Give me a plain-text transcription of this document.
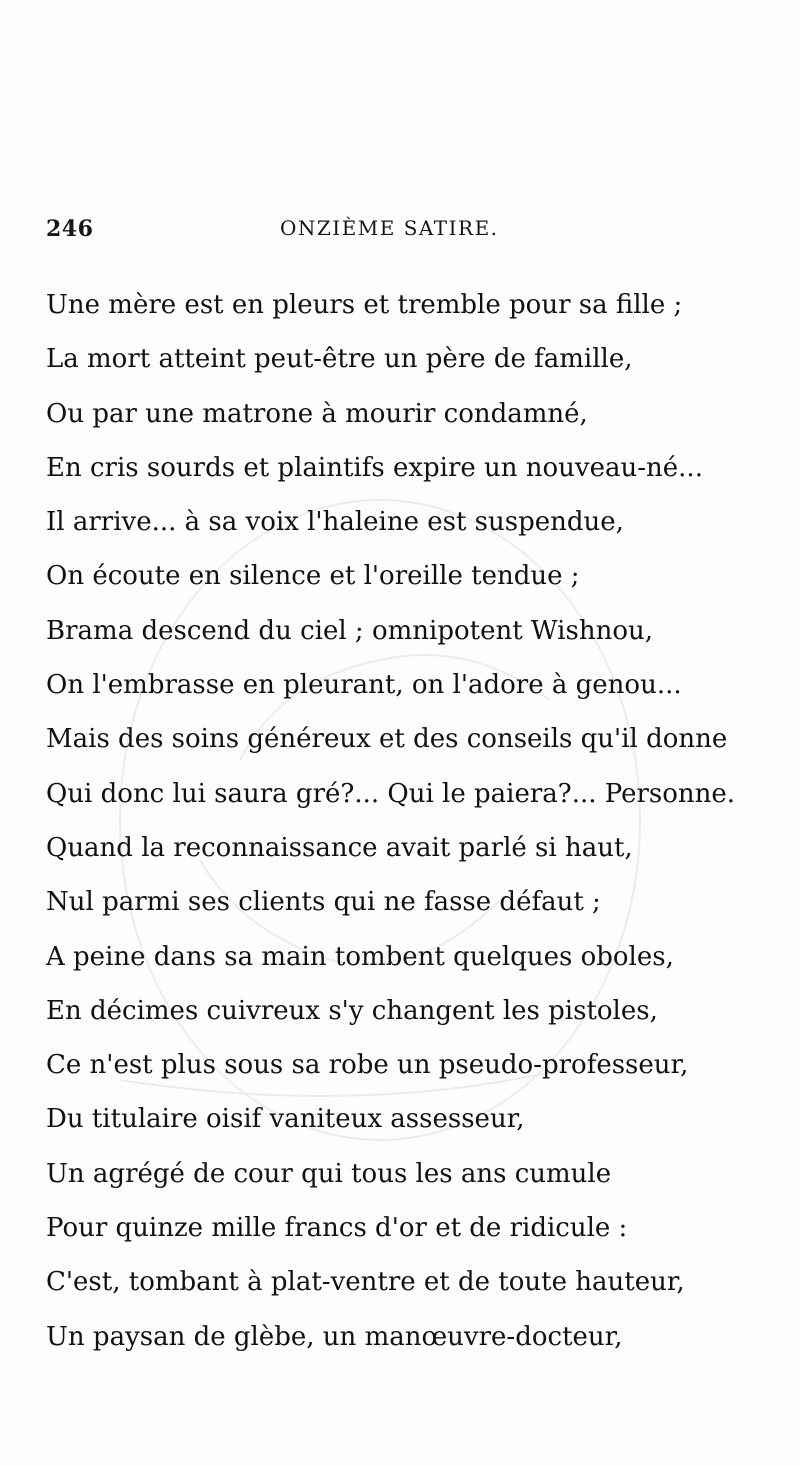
246	ONZIÈME SATIRE.
Une mère est en pleurs et tremble pour sa fille ;
La mort atteint peut-être un père de famille,
Ou par une matrone à mourir condamné,
En cris sourds et plaintifs expire un nouveau-né...
Il arrive... à sa voix l'haleine est suspendue,
On écoute en silence et l'oreille tendue ;
Brama descend du ciel ; omnipotent Wishnou,
On l'embrasse en pleurant, on l'adore à genou...
Mais des soins généreux et des conseils qu'il donne
Qui donc lui saura gré?... Qui le paiera?... Personne.
Quand la reconnaissance avait parlé si haut,
Nul parmi ses clients qui ne fasse défaut ;
A peine dans sa main tombent quelques oboles,
En décimes cuivreux s'y changent les pistoles,
Ce n'est plus sous sa robe un pseudo-professeur,
Du titulaire oisif vaniteux assesseur,
Un agrégé de cour qui tous les ans cumule
Pour quinze mille francs d'or et de ridicule :
C'est, tombant à plat-ventre et de toute hauteur,
Un paysan de glèbe, un manœuvre-docteur,
